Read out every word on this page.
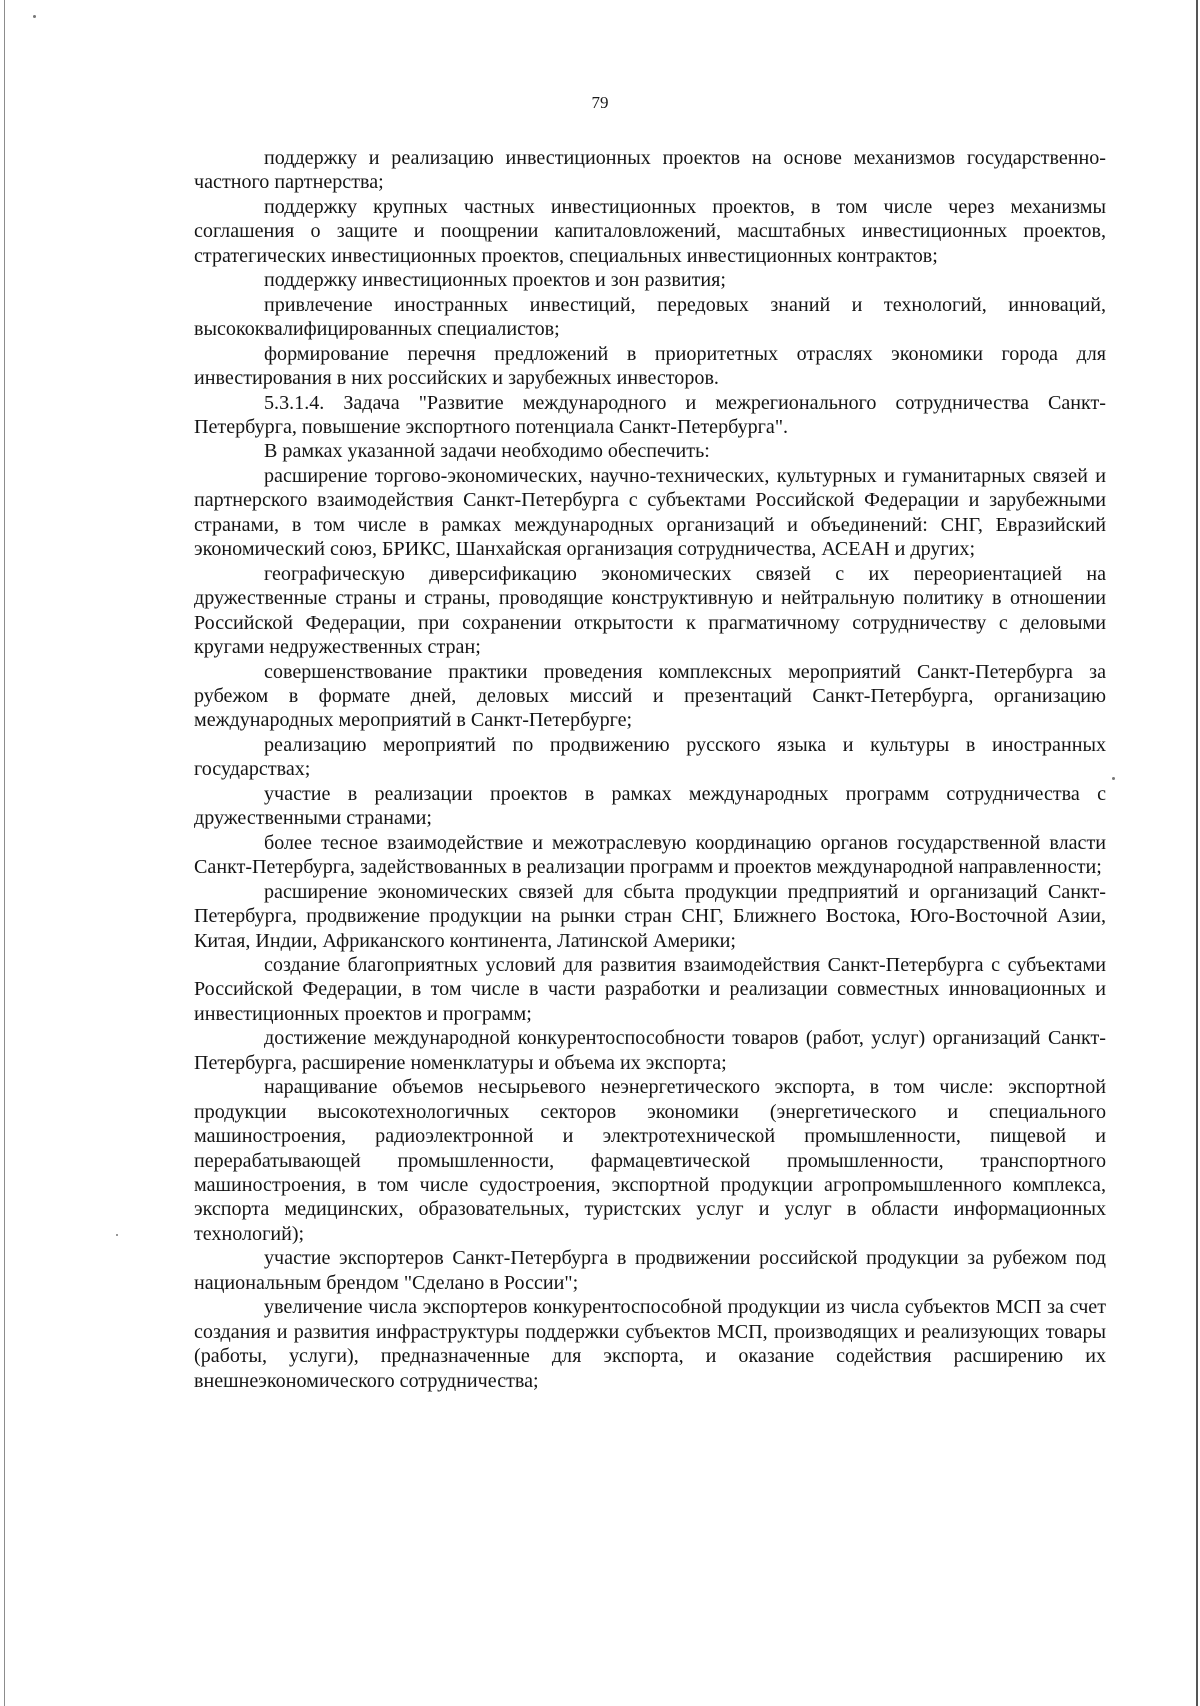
79

поддержку и реализацию инвестиционных проектов на основе механизмов государственно-частного партнерства;

поддержку крупных частных инвестиционных проектов, в том числе через механизмы соглашения о защите и поощрении капиталовложений, масштабных инвестиционных проектов, стратегических инвестиционных проектов, специальных инвестиционных контрактов;

поддержку инвестиционных проектов и зон развития;

привлечение иностранных инвестиций, передовых знаний и технологий, инноваций, высококвалифицированных специалистов;

формирование перечня предложений в приоритетных отраслях экономики города для инвестирования в них российских и зарубежных инвесторов.

5.3.1.4. Задача "Развитие международного и межрегионального сотрудничества Санкт-Петербурга, повышение экспортного потенциала Санкт-Петербурга".

В рамках указанной задачи необходимо обеспечить:

расширение торгово-экономических, научно-технических, культурных и гуманитарных связей и партнерского взаимодействия Санкт-Петербурга с субъектами Российской Федерации и зарубежными странами, в том числе в рамках международных организаций и объединений: СНГ, Евразийский экономический союз, БРИКС, Шанхайская организация сотрудничества, АСЕАН и других;

географическую диверсификацию экономических связей с их переориентацией на дружественные страны и страны, проводящие конструктивную и нейтральную политику в отношении Российской Федерации, при сохранении открытости к прагматичному сотрудничеству с деловыми кругами недружественных стран;

совершенствование практики проведения комплексных мероприятий Санкт-Петербурга за рубежом в формате дней, деловых миссий и презентаций Санкт-Петербурга, организацию международных мероприятий в Санкт-Петербурге;

реализацию мероприятий по продвижению русского языка и культуры в иностранных государствах;

участие в реализации проектов в рамках международных программ сотрудничества с дружественными странами;

более тесное взаимодействие и межотраслевую координацию органов государственной власти Санкт-Петербурга, задействованных в реализации программ и проектов международной направленности;

расширение экономических связей для сбыта продукции предприятий и организаций Санкт-Петербурга, продвижение продукции на рынки стран СНГ, Ближнего Востока, Юго-Восточной Азии, Китая, Индии, Африканского континента, Латинской Америки;

создание благоприятных условий для развития взаимодействия Санкт-Петербурга с субъектами Российской Федерации, в том числе в части разработки и реализации совместных инновационных и инвестиционных проектов и программ;

достижение международной конкурентоспособности товаров (работ, услуг) организаций Санкт-Петербурга, расширение номенклатуры и объема их экспорта;

наращивание объемов несырьевого неэнергетического экспорта, в том числе: экспортной продукции высокотехнологичных секторов экономики (энергетического и специального машиностроения, радиоэлектронной и электротехнической промышленности, пищевой и перерабатывающей промышленности, фармацевтической промышленности, транспортного машиностроения, в том числе судостроения, экспортной продукции агропромышленного комплекса, экспорта медицинских, образовательных, туристских услуг и услуг в области информационных технологий);

участие экспортеров Санкт-Петербурга в продвижении российской продукции за рубежом под национальным брендом "Сделано в России";

увеличение числа экспортеров конкурентоспособной продукции из числа субъектов МСП за счет создания и развития инфраструктуры поддержки субъектов МСП, производящих и реализующих товары (работы, услуги), предназначенные для экспорта, и оказание содействия расширению их внешнеэкономического сотрудничества;
